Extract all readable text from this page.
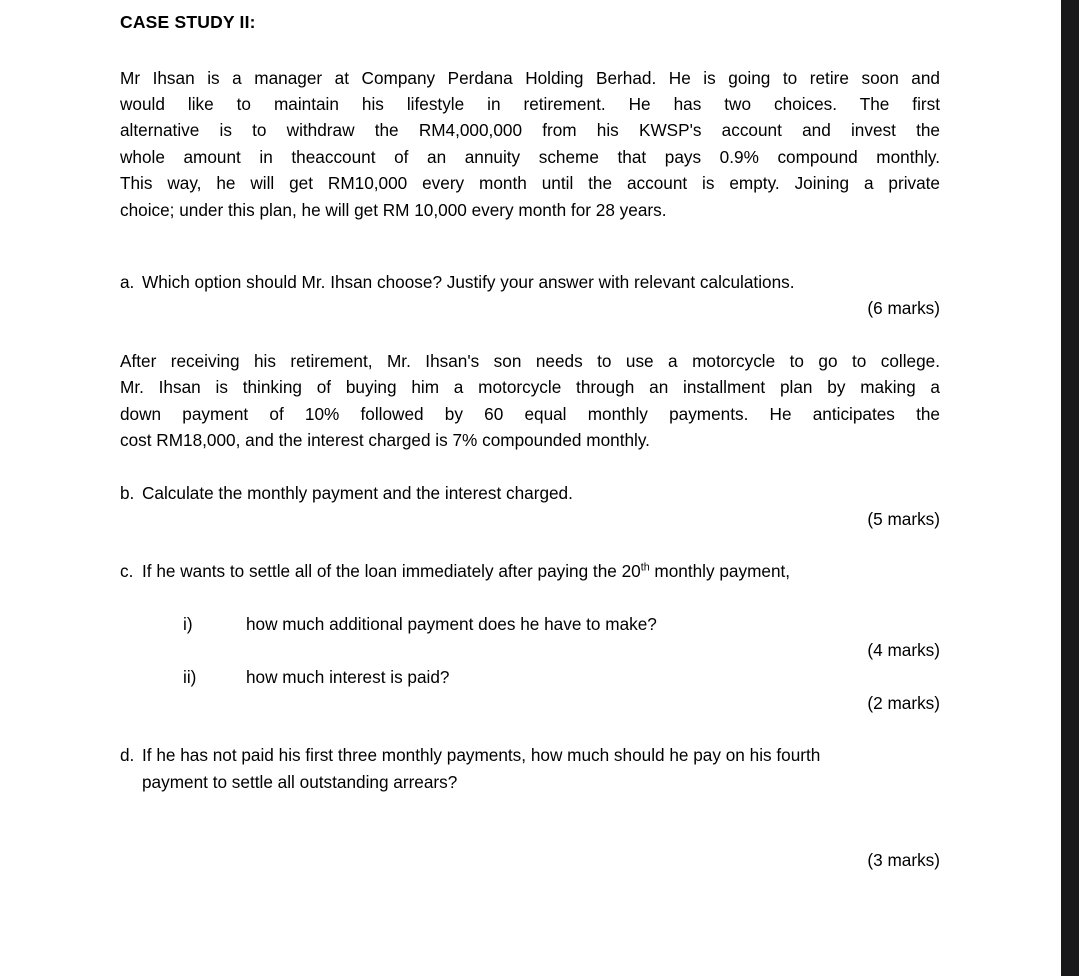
CASE STUDY II:
Mr Ihsan is a manager at Company Perdana Holding Berhad. He is going to retire soon and
would like to maintain his lifestyle in retirement. He has two choices. The first
alternative is to withdraw the RM4,000,000 from his KWSP's account and invest the
whole amount in theaccount of an annuity scheme that pays 0.9% compound monthly.
This way, he will get RM10,000 every month until the account is empty. Joining a private
choice; under this plan, he will get RM 10,000 every month for 28 years.
a. Which option should Mr. Ihsan choose? Justify your answer with relevant calculations.
(6 marks)
After receiving his retirement, Mr. Ihsan's son needs to use a motorcycle to go to college.
Mr. Ihsan is thinking of buying him a motorcycle through an installment plan by making a
down payment of 10% followed by 60 equal monthly payments. He anticipates the
cost RM18,000, and the interest charged is 7% compounded monthly.
b. Calculate the monthly payment and the interest charged.
(5 marks)
c. If he wants to settle all of the loan immediately after paying the 20th monthly payment,
i)	how much additional payment does he have to make?
(4 marks)
ii)	how much interest is paid?
(2 marks)
d. If he has not paid his first three monthly payments, how much should he pay on his fourth
payment to settle all outstanding arrears?
(3 marks)
